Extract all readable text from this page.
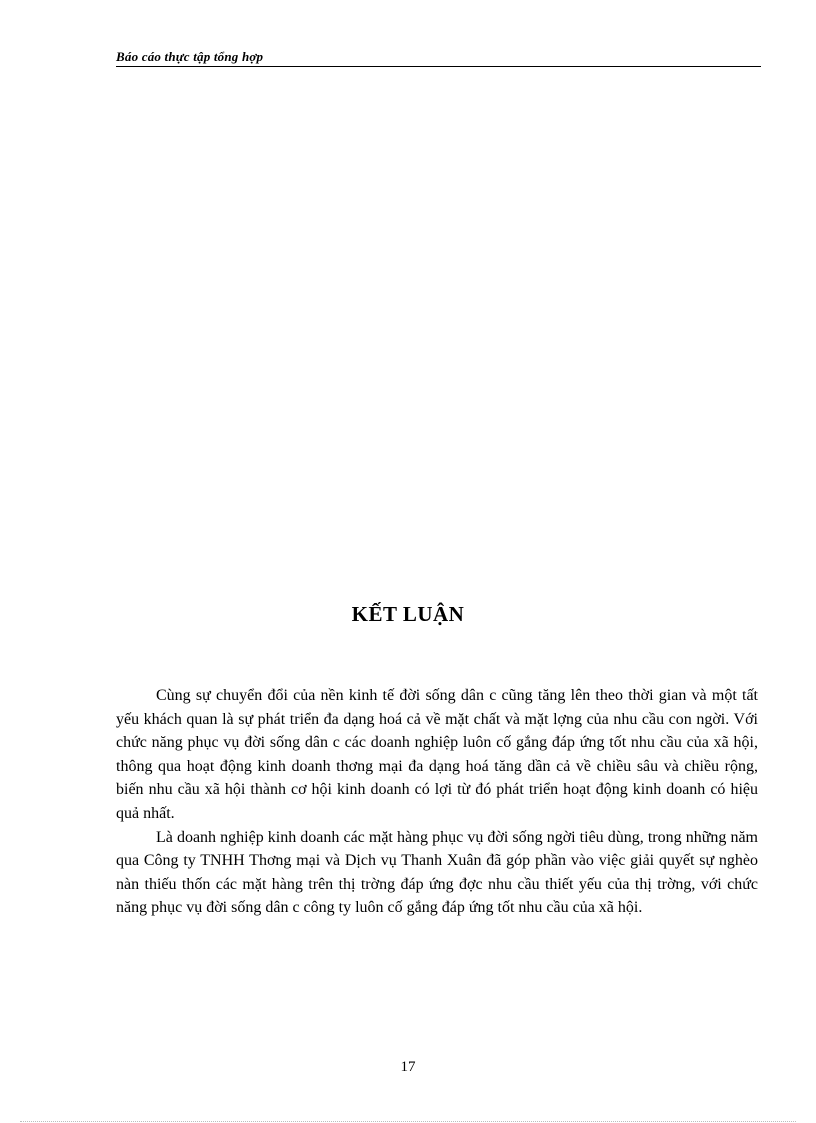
Báo cáo thực tập tổng hợp
KẾT LUẬN

Cùng sự chuyển đổi của nền kinh tế đời sống dân c cũng tăng lên theo thời gian và một tất yếu khách quan là sự phát triển đa dạng hoá cả về mặt chất và mặt lợng của nhu cầu con ngời. Với chức năng phục vụ đời sống dân c các doanh nghiệp luôn cố gắng đáp ứng tốt nhu cầu của xã hội, thông qua hoạt động kinh doanh thơng mại đa dạng hoá tăng dần cả về chiều sâu và chiều rộng, biến nhu cầu xã hội thành cơ hội kinh doanh có lợi từ đó phát triển hoạt động kinh doanh có hiệu quả nhất.

Là doanh nghiệp kinh doanh các mặt hàng phục vụ đời sống ngời tiêu dùng, trong những năm qua Công ty TNHH Thơng mại và Dịch vụ Thanh Xuân đã góp phần vào việc giải quyết sự nghèo nàn thiếu thốn các mặt hàng trên thị trờng đáp ứng đợc nhu cầu thiết yếu của thị trờng, với chức năng phục vụ đời sống dân c công ty luôn cố gắng đáp ứng tốt nhu cầu của xã hội.

17
